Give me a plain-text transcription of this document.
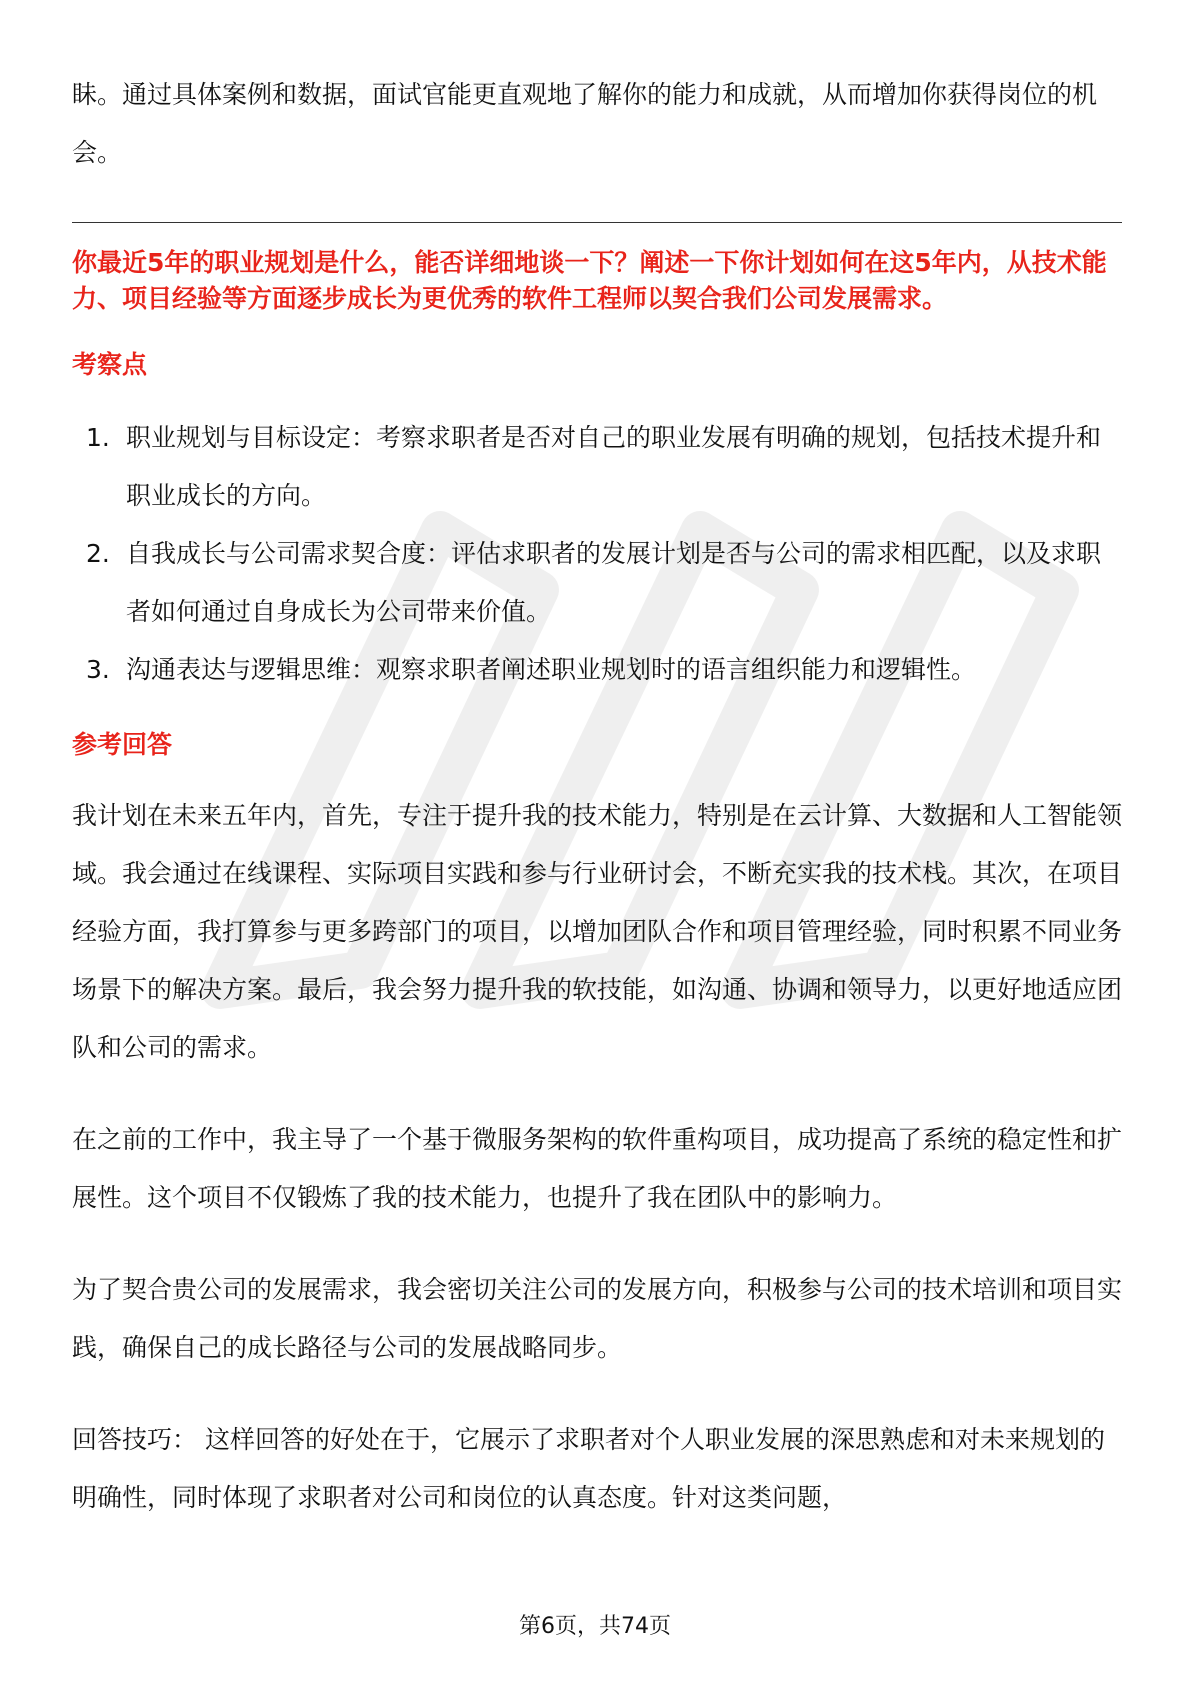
眛。通过具体案例和数据，面试官能更直观地了解你的能力和成就，从而增加你获得岗位的机会。

你最近5年的职业规划是什么，能否详细地谈一下？阐述一下你计划如何在这5年内，从技术能力、项目经验等方面逐步成长为更优秀的软件工程师以契合我们公司发展需求。

考察点
1. 职业规划与目标设定：考察求职者是否对自己的职业发展有明确的规划，包括技术提升和职业成长的方向。
2. 自我成长与公司需求契合度：评估求职者的发展计划是否与公司的需求相匹配，以及求职者如何通过自身成长为公司带来价值。
3. 沟通表达与逻辑思维：观察求职者阐述职业规划时的语言组织能力和逻辑性。
参考回答

我计划在未来五年内，首先，专注于提升我的技术能力，特别是在云计算、大数据和人工智能领域。我会通过在线课程、实际项目实践和参与行业研讨会，不断充实我的技术栈。其次，在项目经验方面，我打算参与更多跨部门的项目，以增加团队合作和项目管理经验，同时积累不同业务场景下的解决方案。最后，我会努力提升我的软技能，如沟通、协调和领导力，以更好地适应团队和公司的需求。

在之前的工作中，我主导了一个基于微服务架构的软件重构项目，成功提高了系统的稳定性和扩展性。这个项目不仅锻炼了我的技术能力，也提升了我在团队中的影响力。

为了契合贵公司的发展需求，我会密切关注公司的发展方向，积极参与公司的技术培训和项目实践，确保自己的成长路径与公司的发展战略同步。

回答技巧： 这样回答的好处在于，它展示了求职者对个人职业发展的深思熟虑和对未来规划的明确性，同时体现了求职者对公司和岗位的认真态度。针对这类问题，

第6页，共74页
